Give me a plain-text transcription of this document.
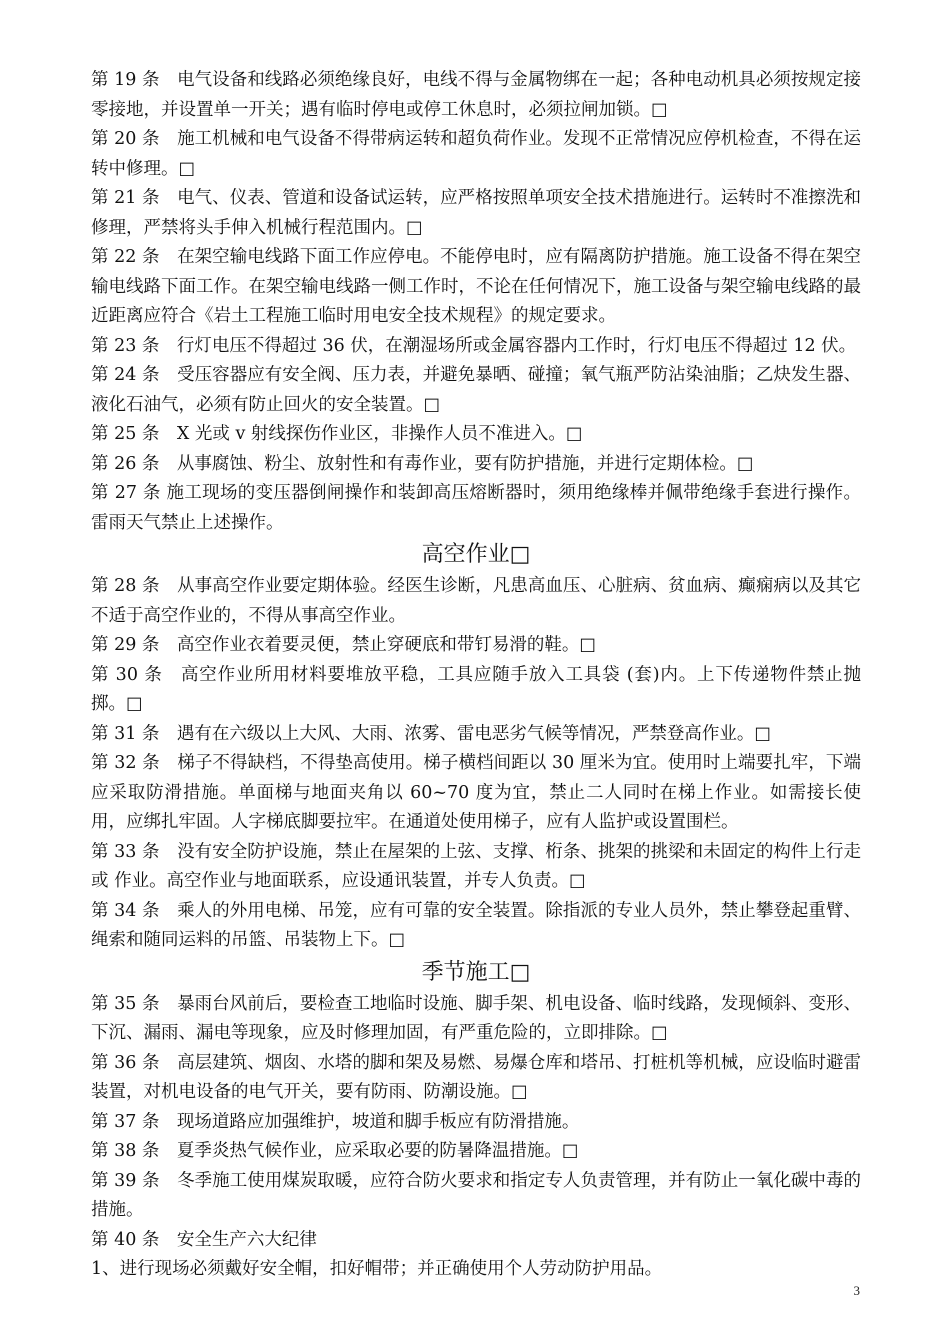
第 19 条　电气设备和线路必须绝缘良好，电线不得与金属物绑在一起；各种电动机具必须按规定接零接地，并设置单一开关；遇有临时停电或停工休息时，必须拉闸加锁。□

第 20 条　施工机械和电气设备不得带病运转和超负荷作业。发现不正常情况应停机检查，不得在运转中修理。□

第 21 条　电气、仪表、管道和设备试运转，应严格按照单项安全技术措施进行。运转时不准擦洗和修理，严禁将头手伸入机械行程范围内。□

第 22 条　在架空输电线路下面工作应停电。不能停电时，应有隔离防护措施。施工设备不得在架空输电线路下面工作。在架空输电线路一侧工作时，不论在任何情况下，施工设备与架空输电线路的最近距离应符合《岩土工程施工临时用电安全技术规程》的规定要求。

第 23 条　行灯电压不得超过 36 伏，在潮湿场所或金属容器内工作时，行灯电压不得超过 12 伏。

第 24 条　受压容器应有安全阀、压力表，并避免暴晒、碰撞；氧气瓶严防沾染油脂；乙炔发生器、液化石油气，必须有防止回火的安全装置。□

第 25 条　X 光或 v 射线探伤作业区，非操作人员不准进入。□

第 26 条　从事腐蚀、粉尘、放射性和有毒作业，要有防护措施，并进行定期体检。□

第 27 条 施工现场的变压器倒闸操作和装卸高压熔断器时，须用绝缘棒并佩带绝缘手套进行操作。雷雨天气禁止上述操作。

高空作业□

第 28 条　从事高空作业要定期体验。经医生诊断，凡患高血压、心脏病、贫血病、癫痫病以及其它不适于高空作业的，不得从事高空作业。

第 29 条　高空作业衣着要灵便，禁止穿硬底和带钉易滑的鞋。□

第 30 条　高空作业所用材料要堆放平稳，工具应随手放入工具袋 (套)内。上下传递物件禁止抛掷。□

第 31 条　遇有在六级以上大风、大雨、浓雾、雷电恶劣气候等情况，严禁登高作业。□

第 32 条　梯子不得缺档，不得垫高使用。梯子横档间距以 30 厘米为宜。使用时上端要扎牢，下端应采取防滑措施。单面梯与地面夹角以 60~70 度为宜，禁止二人同时在梯上作业。如需接长使用，应绑扎牢固。人字梯底脚要拉牢。在通道处使用梯子，应有人监护或设置围栏。

第 33 条　没有安全防护设施，禁止在屋架的上弦、支撑、桁条、挑架的挑梁和未固定的构件上行走或 作业。高空作业与地面联系，应设通讯装置，并专人负责。□

第 34 条　乘人的外用电梯、吊笼，应有可靠的安全装置。除指派的专业人员外，禁止攀登起重臂、绳索和随同运料的吊篮、吊装物上下。□

季节施工□

第 35 条　暴雨台风前后，要检查工地临时设施、脚手架、机电设备、临时线路，发现倾斜、变形、下沉、漏雨、漏电等现象，应及时修理加固，有严重危险的，立即排除。□

第 36 条　高层建筑、烟囱、水塔的脚和架及易燃、易爆仓库和塔吊、打桩机等机械，应设临时避雷装置，对机电设备的电气开关，要有防雨、防潮设施。□

第 37 条　现场道路应加强维护，坡道和脚手板应有防滑措施。

第 38 条　夏季炎热气候作业，应采取必要的防暑降温措施。□

第 39 条　冬季施工使用煤炭取暖，应符合防火要求和指定专人负责管理，并有防止一氧化碳中毒的措施。

第 40 条　安全生产六大纪律

1、进行现场必须戴好安全帽，扣好帽带；并正确使用个人劳动防护用品。

3
